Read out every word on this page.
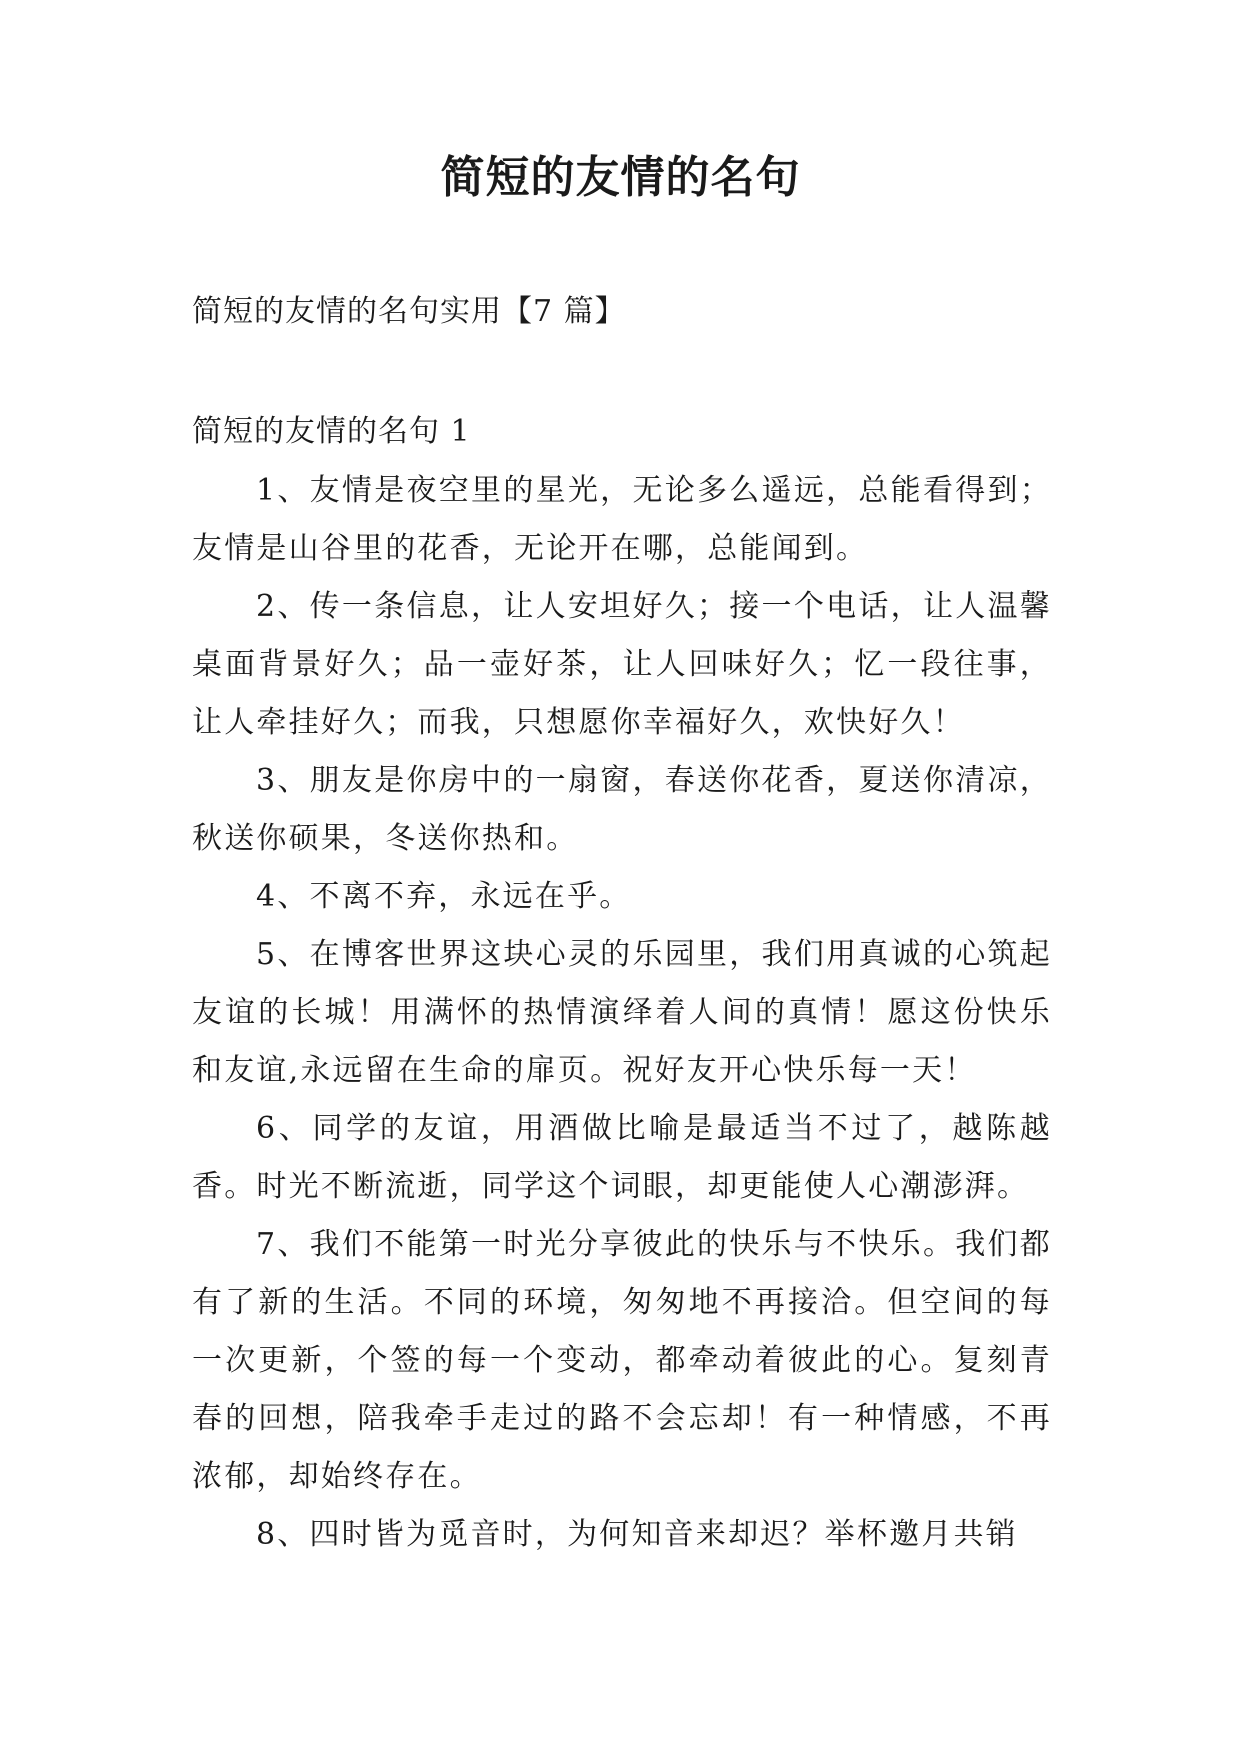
简短的友情的名句

简短的友情的名句实用【7 篇】

简短的友情的名句 1

1、友情是夜空里的星光，无论多么遥远，总能看得到；友情是山谷里的花香，无论开在哪，总能闻到。

2、传一条信息，让人安坦好久；接一个电话，让人温馨桌面背景好久；品一壶好茶，让人回味好久；忆一段往事，让人牵挂好久；而我，只想愿你幸福好久，欢快好久！

3、朋友是你房中的一扇窗，春送你花香，夏送你清凉，秋送你硕果，冬送你热和。

4、不离不弃，永远在乎。

5、在博客世界这块心灵的乐园里，我们用真诚的心筑起友谊的长城！用满怀的热情演绎着人间的真情！愿这份快乐和友谊,永远留在生命的扉页。祝好友开心快乐每一天！

6、同学的友谊，用酒做比喻是最适当不过了，越陈越香。时光不断流逝，同学这个词眼，却更能使人心潮澎湃。

7、我们不能第一时光分享彼此的快乐与不快乐。我们都有了新的生活。不同的环境，匆匆地不再接洽。但空间的每一次更新，个签的每一个变动，都牵动着彼此的心。复刻青春的回想，陪我牵手走过的路不会忘却！有一种情感，不再浓郁，却始终存在。

8、四时皆为觅音时，为何知音来却迟？举杯邀月共销
